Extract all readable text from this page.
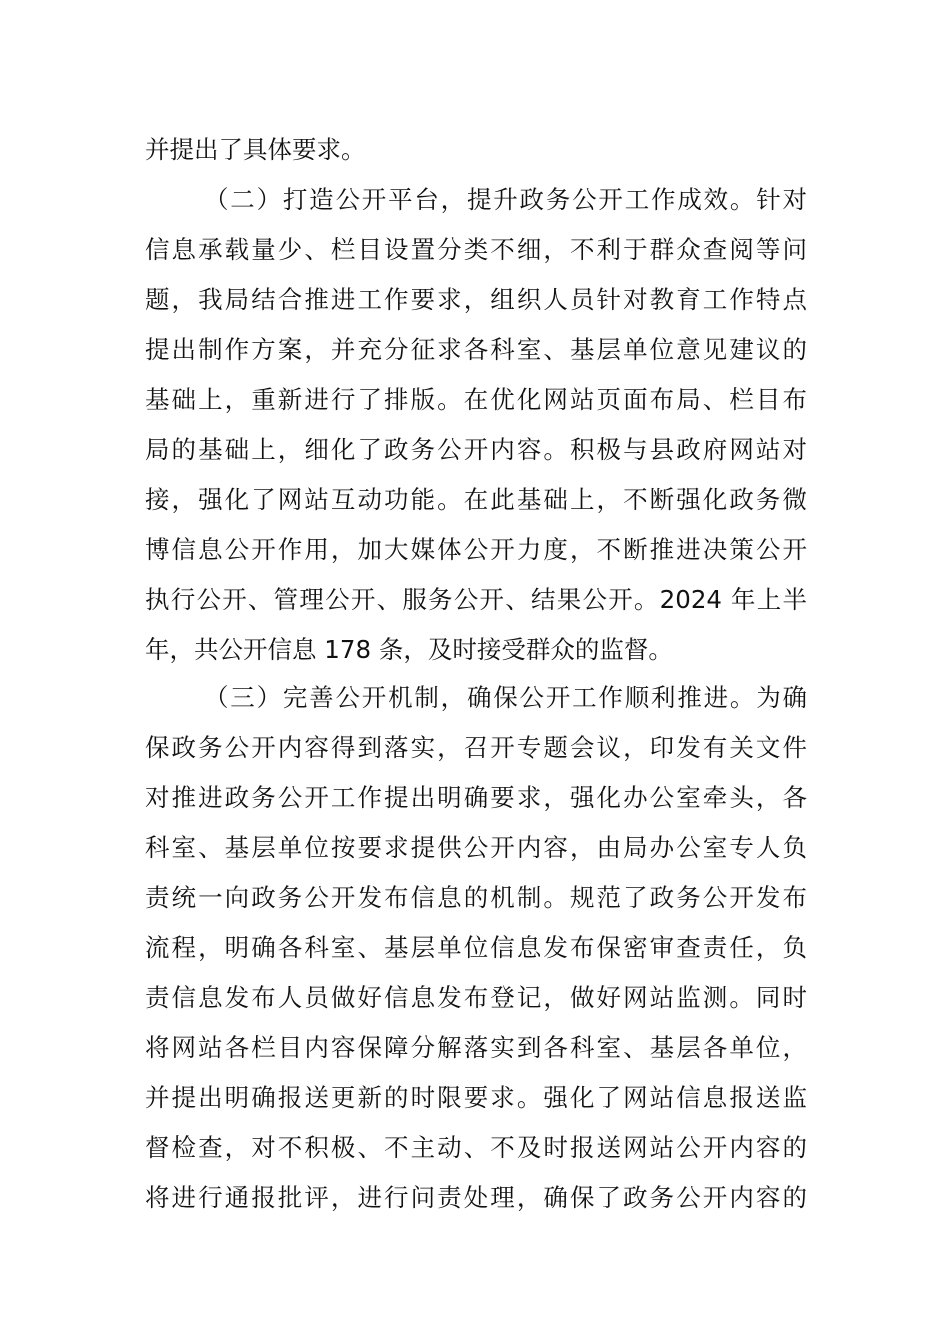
并提出了具体要求。
（二）打造公开平台，提升政务公开工作成效。针对
信息承载量少、栏目设置分类不细，不利于群众查阅等问
题，我局结合推进工作要求，组织人员针对教育工作特点
提出制作方案，并充分征求各科室、基层单位意见建议的
基础上，重新进行了排版。在优化网站页面布局、栏目布
局的基础上，细化了政务公开内容。积极与县政府网站对
接，强化了网站互动功能。在此基础上，不断强化政务微
博信息公开作用，加大媒体公开力度，不断推进决策公开
执行公开、管理公开、服务公开、结果公开。2024 年上半
年，共公开信息 178 条，及时接受群众的监督。
（三）完善公开机制，确保公开工作顺利推进。为确
保政务公开内容得到落实，召开专题会议，印发有关文件
对推进政务公开工作提出明确要求，强化办公室牵头，各
科室、基层单位按要求提供公开内容，由局办公室专人负
责统一向政务公开发布信息的机制。规范了政务公开发布
流程，明确各科室、基层单位信息发布保密审查责任，负
责信息发布人员做好信息发布登记，做好网站监测。同时
将网站各栏目内容保障分解落实到各科室、基层各单位，
并提出明确报送更新的时限要求。强化了网站信息报送监
督检查，对不积极、不主动、不及时报送网站公开内容的
将进行通报批评，进行问责处理，确保了政务公开内容的
